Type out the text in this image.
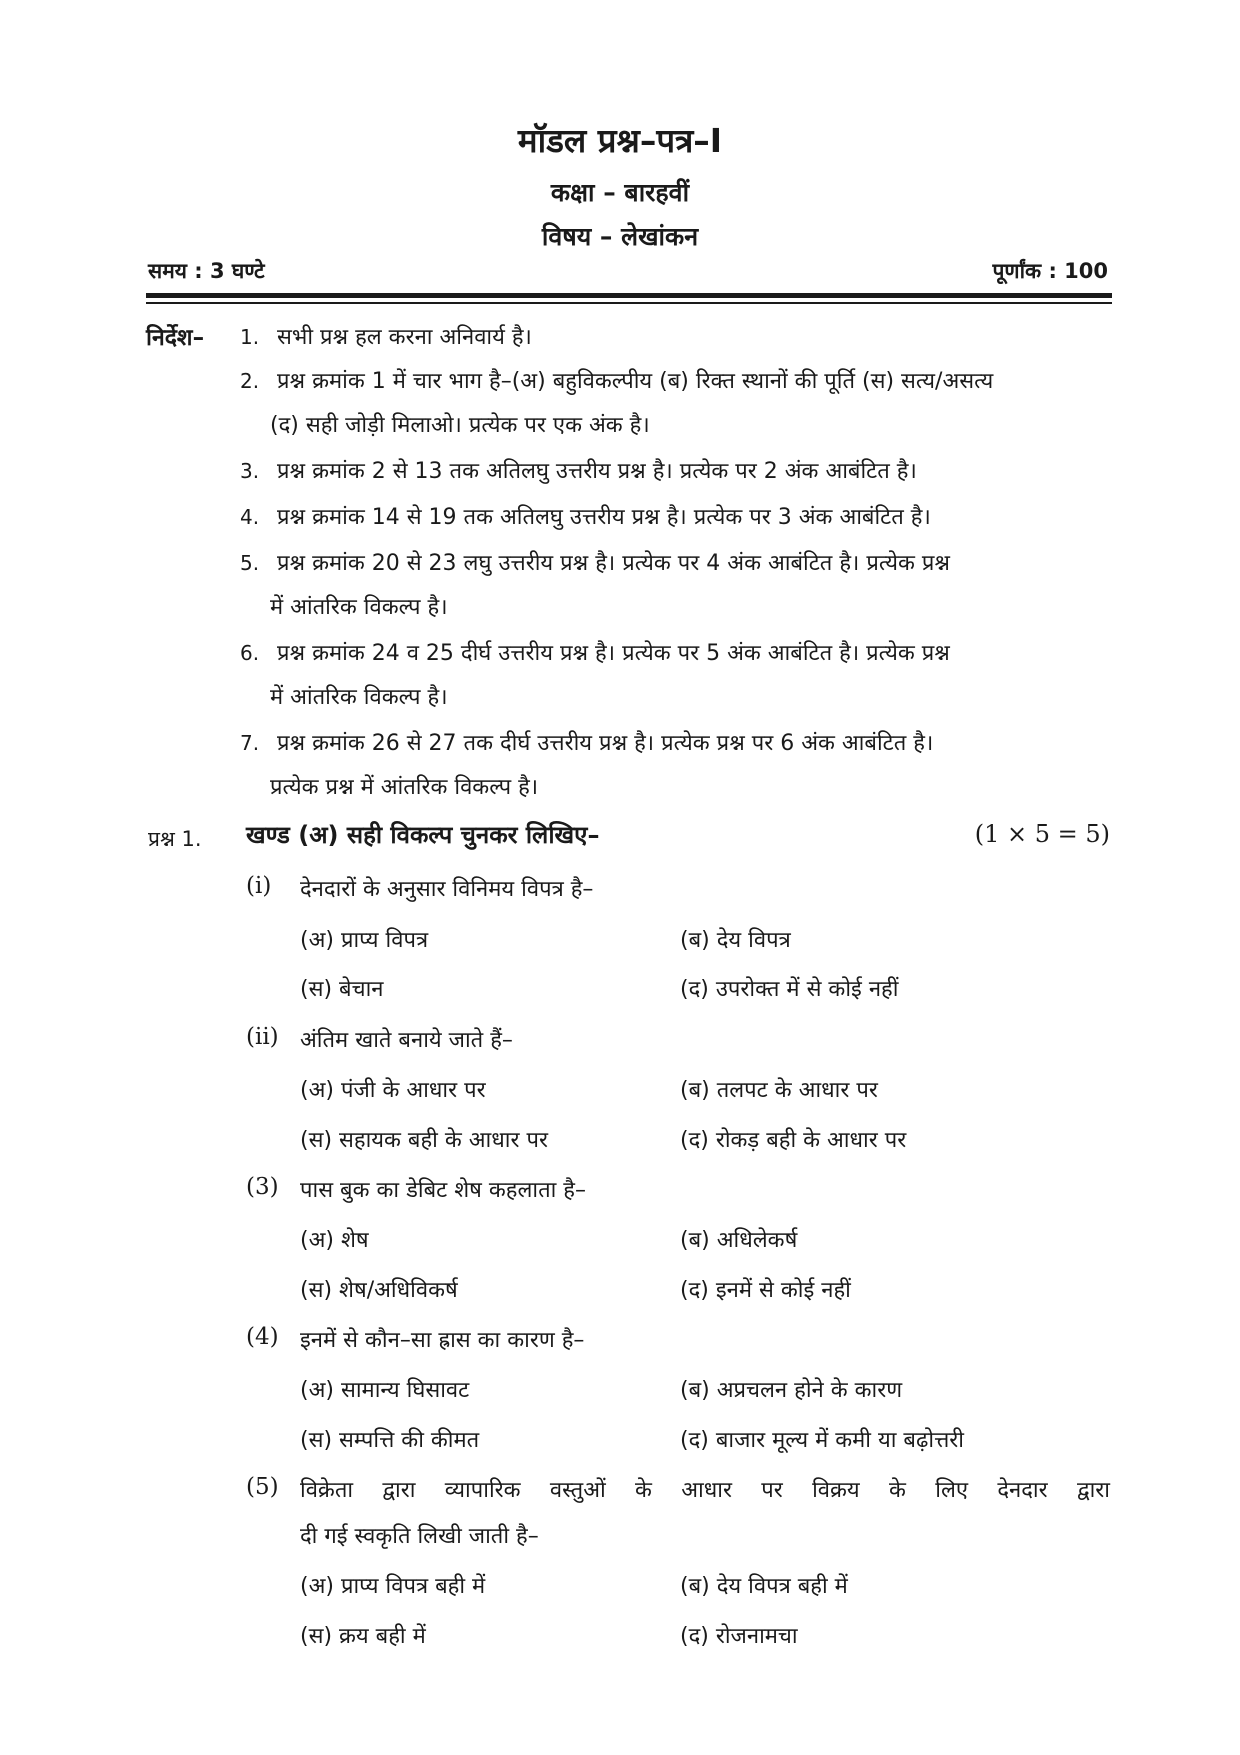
मॉडल प्रश्न–पत्र–I
कक्षा – बारहवीं
विषय – लेखांकन
समय : 3 घण्टे	पूर्णांक : 100
निर्देश– 1. सभी प्रश्न हल करना अनिवार्य है।
2. प्रश्न क्रमांक 1 में चार भाग है–(अ) बहुविकल्पीय (ब) रिक्त स्थानों की पूर्ति (स) सत्य/असत्य
(द) सही जोड़ी मिलाओ। प्रत्येक पर एक अंक है।
3. प्रश्न क्रमांक 2 से 13 तक अतिलघु उत्तरीय प्रश्न है। प्रत्येक पर 2 अंक आबंटित है।
4. प्रश्न क्रमांक 14 से 19 तक अतिलघु उत्तरीय प्रश्न है। प्रत्येक पर 3 अंक आबंटित है।
5. प्रश्न क्रमांक 20 से 23 लघु उत्तरीय प्रश्न है। प्रत्येक पर 4 अंक आबंटित है। प्रत्येक प्रश्न
में आंतरिक विकल्प है।
6. प्रश्न क्रमांक 24 व 25 दीर्घ उत्तरीय प्रश्न है। प्रत्येक पर 5 अंक आबंटित है। प्रत्येक प्रश्न
में आंतरिक विकल्प है।
7. प्रश्न क्रमांक 26 से 27 तक दीर्घ उत्तरीय प्रश्न है। प्रत्येक प्रश्न पर 6 अंक आबंटित है।
प्रत्येक प्रश्न में आंतरिक विकल्प है।
प्रश्न 1. खण्ड (अ) सही विकल्प चुनकर लिखिए–	(1 × 5 = 5)
(i) देनदारों के अनुसार विनिमय विपत्र है–
(अ) प्राप्य विपत्र	(ब) देय विपत्र
(स) बेचान	(द) उपरोक्त में से कोई नहीं
(ii) अंतिम खाते बनाये जाते हैं–
(अ) पंजी के आधार पर	(ब) तलपट के आधार पर
(स) सहायक बही के आधार पर	(द) रोकड़ बही के आधार पर
(3) पास बुक का डेबिट शेष कहलाता है–
(अ) शेष	(ब) अधिलेकर्ष
(स) शेष/अधिविकर्ष	(द) इनमें से कोई नहीं
(4) इनमें से कौन–सा ह्रास का कारण है–
(अ) सामान्य घिसावट	(ब) अप्रचलन होने के कारण
(स) सम्पत्ति की कीमत	(द) बाजार मूल्य में कमी या बढ़ोत्तरी
(5) विक्रेता द्वारा व्यापारिक वस्तुओं के आधार पर विक्रय के लिए देनदार द्वारा
दी गई स्वकृति लिखी जाती है–
(अ) प्राप्य विपत्र बही में	(ब) देय विपत्र बही में
(स) क्रय बही में	(द) रोजनामचा
